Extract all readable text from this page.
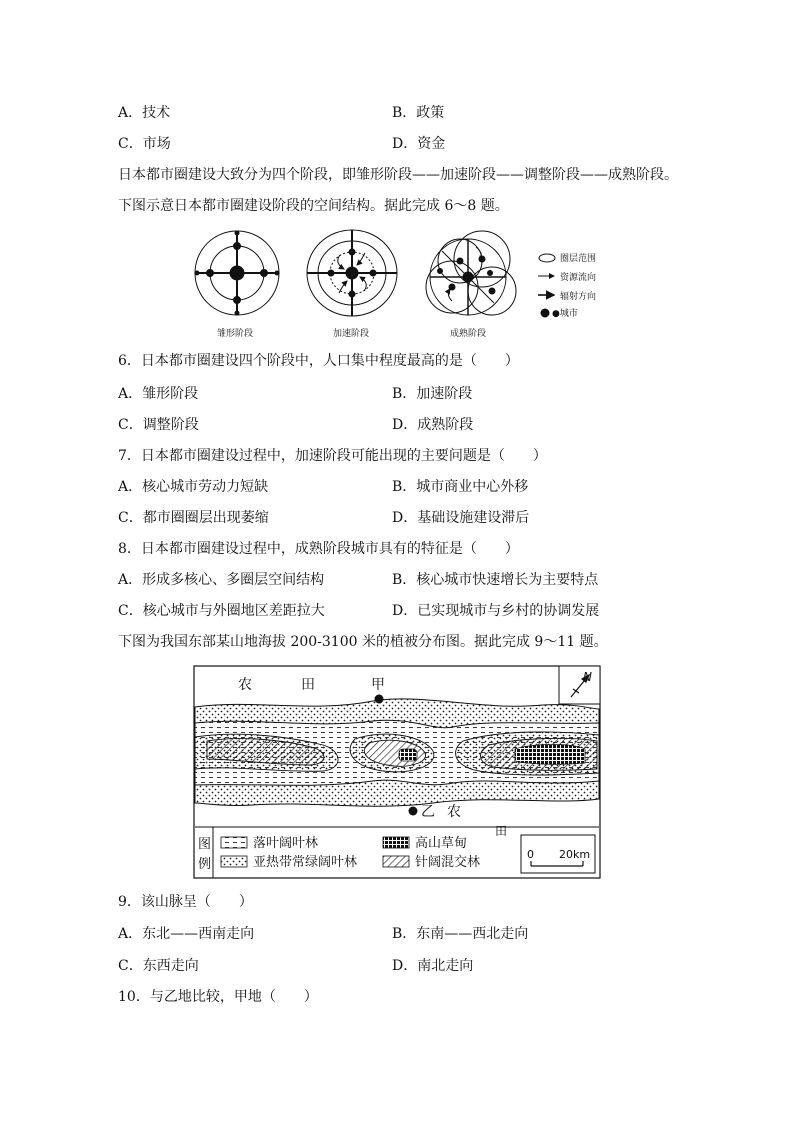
A．技术	B．政策
C．市场	D．资金
日本都市圈建设大致分为四个阶段，即雏形阶段——加速阶段——调整阶段——成熟阶段。
下图示意日本都市圈建设阶段的空间结构。据此完成 6～8 题。
圈层范围
资源流向
辐射方向
●城市
雏形阶段	加速阶段	成熟阶段
6．日本都市圈建设四个阶段中，人口集中程度最高的是（　　）
A．雏形阶段	B．加速阶段
C．调整阶段	D．成熟阶段
7．日本都市圈建设过程中，加速阶段可能出现的主要问题是（　　）
A．核心城市劳动力短缺	B．城市商业中心外移
C．都市圈圈层出现萎缩	D．基础设施建设滞后
8．日本都市圈建设过程中，成熟阶段城市具有的特征是（　　）
A．形成多核心、多圈层空间结构	B．核心城市快速增长为主要特点
C．核心城市与外圈地区差距拉大	D．已实现城市与乡村的协调发展
下图为我国东部某山地海拔 200-3100 米的植被分布图。据此完成 9～11 题。
N
农	田	甲
乙 农
田
图
例
落叶阔叶林
亚热带常绿阔叶林
高山草甸
针阔混交林
0 20km
9．该山脉呈（　　）
A．东北——西南走向	B．东南——西北走向
C．东西走向	D．南北走向
10．与乙地比较，甲地（　　）
